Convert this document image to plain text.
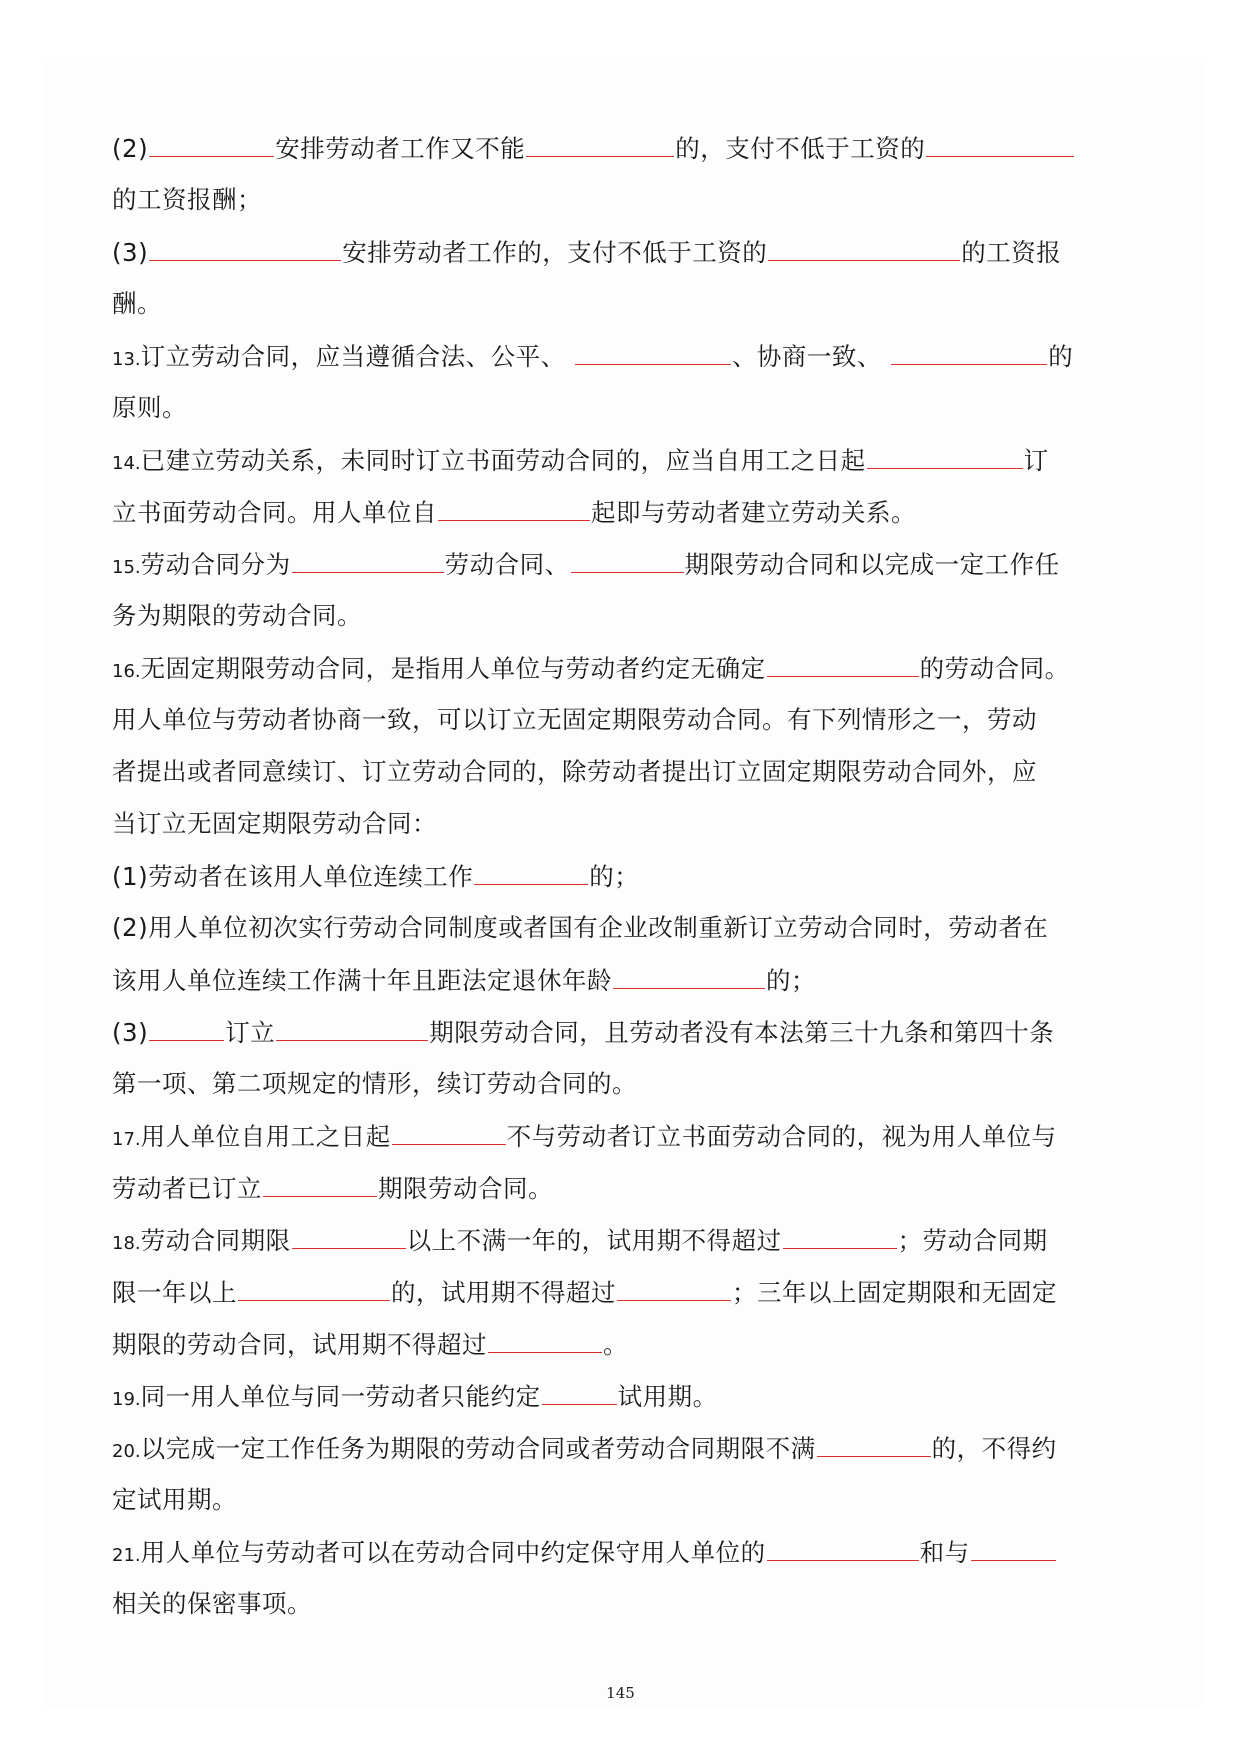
(2)	安排劳动者工作又不能	的，支付不低于工资的
的工资报酬；
(3)	安排劳动者工作的，支付不低于工资的	的工资报
酬。
13.订立劳动合同，应当遵循合法、公平、	、协商一致、	的
原则。
14.已建立劳动关系，未同时订立书面劳动合同的，应当自用工之日起	订
立书面劳动合同。用人单位自	起即与劳动者建立劳动关系。
15.劳动合同分为	劳动合同、	期限劳动合同和以完成一定工作任
务为期限的劳动合同。
16.无固定期限劳动合同，是指用人单位与劳动者约定无确定	的劳动合同。
用人单位与劳动者协商一致，可以订立无固定期限劳动合同。有下列情形之一，劳动
者提出或者同意续订、订立劳动合同的，除劳动者提出订立固定期限劳动合同外，应
当订立无固定期限劳动合同：
(1)劳动者在该用人单位连续工作	的；
(2)用人单位初次实行劳动合同制度或者国有企业改制重新订立劳动合同时，劳动者在
该用人单位连续工作满十年且距法定退休年龄	的；
(3)	订立	期限劳动合同，且劳动者没有本法第三十九条和第四十条
第一项、第二项规定的情形，续订劳动合同的。
17.用人单位自用工之日起	不与劳动者订立书面劳动合同的，视为用人单位与
劳动者已订立	期限劳动合同。
18.劳动合同期限	以上不满一年的，试用期不得超过	；劳动合同期
限一年以上	的，试用期不得超过	；三年以上固定期限和无固定
期限的劳动合同，试用期不得超过	。
19.同一用人单位与同一劳动者只能约定	试用期。
20.以完成一定工作任务为期限的劳动合同或者劳动合同期限不满	的，不得约
定试用期。
21.用人单位与劳动者可以在劳动合同中约定保守用人单位的	和与
相关的保密事项。
145
